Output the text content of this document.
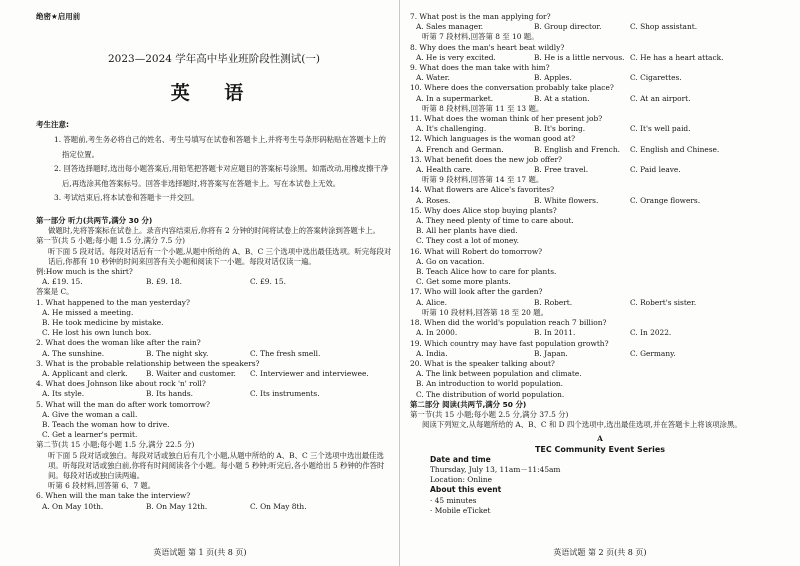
绝密★启用前
2023—2024 学年高中毕业班阶段性测试(一)
英 语
考生注意:

1. 答题前,考生务必将自己的姓名、考生号填写在试卷和答题卡上,并将考生号条形码粘贴在答题卡上的指定位置。

2. 回答选择题时,选出每小题答案后,用铅笔把答题卡对应题目的答案标号涂黑。如需改动,用橡皮擦干净后,再选涂其他答案标号。回答非选择题时,将答案写在答题卡上。写在本试卷上无效。

3. 考试结束后,将本试卷和答题卡一并交回。

第一部分 听力(共两节,满分 30 分)
做题时,先将答案标在试卷上。录音内容结束后,你将有 2 分钟的时间将试卷上的答案转涂到答题卡上。
第一节(共 5 小题;每小题 1.5 分,满分 7.5 分)
听下面 5 段对话。每段对话后有一个小题,从题中所给的 A、B、C 三个选项中选出最佳选项。听完每段对话后,你都有 10 秒钟的时间来回答有关小题和阅读下一小题。每段对话仅读一遍。
例:How much is the shirt?
A. £19. 15.	B. £9. 18.	C. £9. 15.
答案是 C。
1. What happened to the man yesterday?
A. He missed a meeting.
B. He took medicine by mistake.
C. He lost his own lunch box.
2. What does the woman like after the rain?
A. The sunshine.	B. The night sky.	C. The fresh smell.
3. What is the probable relationship between the speakers?
A. Applicant and clerk.	B. Waiter and customer.	C. Interviewer and interviewee.
4. What does Johnson like about rock 'n' roll?
A. Its style.	B. Its hands.	C. Its instruments.
5. What will the man do after work tomorrow?
A. Give the woman a call.
B. Teach the woman how to drive.
C. Get a learner's permit.
第二节(共 15 小题;每小题 1.5 分,满分 22.5 分)
听下面 5 段对话或独白。每段对话或独白后有几个小题,从题中所给的 A、B、C 三个选项中选出最佳选项。听每段对话或独白前,你将有时间阅读各个小题。每小题 5 秒钟;听完后,各小题给出 5 秒钟的作答时间。每段对话或独白读两遍。
听第 6 段材料,回答第 6、7 题。
6. When will the man take the interview?
A. On May 10th.	B. On May 12th.	C. On May 8th.
英语试题 第 1 页(共 8 页)
7. What post is the man applying for?
A. Sales manager.	B. Group director.	C. Shop assistant.
听第 7 段材料,回答第 8 至 10 题。
8. Why does the man's heart beat wildly?
A. He is very excited.	B. He is a little nervous. C. He has a heart attack.
9. What does the man take with him?
A. Water.	B. Apples.	C. Cigarettes.
10. Where does the conversation probably take place?
A. In a supermarket.	B. At a station.	C. At an airport.
听第 8 段材料,回答第 11 至 13 题。
11. What does the woman think of her present job?
A. It's challenging.	B. It's boring.	C. It's well paid.
12. Which languages is the woman good at?
A. French and German.	B. English and French.	C. English and Chinese.
13. What benefit does the new job offer?
A. Health care.	B. Free travel.	C. Paid leave.
听第 9 段材料,回答第 14 至 17 题。
14. What flowers are Alice's favorites?
A. Roses.	B. White flowers.	C. Orange flowers.
15. Why does Alice stop buying plants?
A. They need plenty of time to care about.
B. All her plants have died.
C. They cost a lot of money.
16. What will Robert do tomorrow?
A. Go on vacation.
B. Teach Alice how to care for plants.
C. Get some more plants.
17. Who will look after the garden?
A. Alice.	B. Robert.	C. Robert's sister.
听第 10 段材料,回答第 18 至 20 题。
18. When did the world's population reach 7 billion?
A. In 2000.	B. In 2011.	C. In 2022.
19. Which country may have fast population growth?
A. India.	B. Japan.	C. Germany.
20. What is the speaker talking about?
A. The link between population and climate.
B. An introduction to world population.
C. The distribution of world population.
第二部分 阅读(共两节,满分 50 分)
第一节(共 15 小题;每小题 2.5 分,满分 37.5 分)
阅读下列短文,从每题所给的 A、B、C 和 D 四个选项中,选出最佳选项,并在答题卡上将该项涂黑。
A
TEC Community Event Series
Date and time
Thursday, July 13, 11am－11:45am
Location: Online
About this event
· 45 minutes
· Mobile eTicket
英语试题 第 2 页(共 8 页)
